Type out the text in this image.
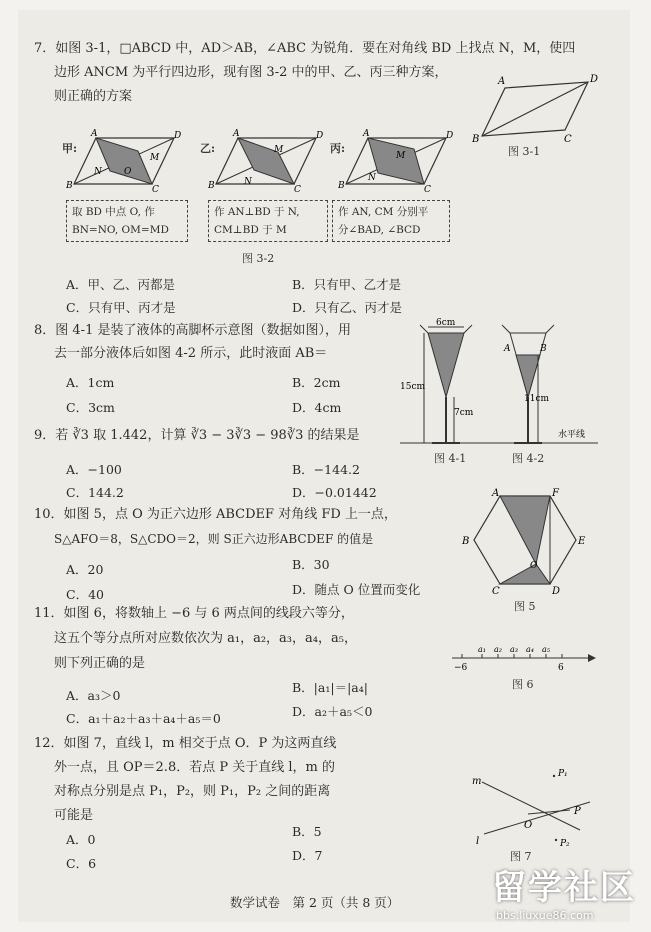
7．如图 3-1，□ABCD 中，AD＞AB，∠ABC 为锐角．要在对角线 BD 上找点 N，M，使四
边形 ANCM 为平行四边形，现有图 3-2 中的甲、乙、丙三种方案，
则正确的方案
A	D
B	C
图 3-1
甲:
A	D
B	C
O
N
M
乙:
A	D
B	C
N
M	丙:
A	D
B	C
N
M
取 BD 中点 O, 作
BN=NO, OM=MD
作 AN⊥BD 于 N,
CM⊥BD 于 M
作 AN, CM 分别平
分∠BAD, ∠BCD
图 3-2
A．甲、乙、丙都是	B．只有甲、乙才是
C．只有甲、丙才是	D．只有乙、丙才是
8．图 4-1 是装了液体的高脚杯示意图（数据如图），用
去一部分液体后如图 4-2 所示，此时液面 AB＝
A．1cm	B．2cm
C．3cm	D．4cm
6cm
15cm
7cm
A	B
11cm
水平线
图 4-1	图 4-2
9．若 ∛3 取 1.442，计算 ∛3 − 3∛3 − 98∛3 的结果是
A．−100	B．−144.2
C．144.2	D．−0.01442
10．如图 5，点 O 为正六边形 ABCDEF 对角线 FD 上一点，
S△AFO＝8，S△CDO＝2，则 S正六边形ABCDEF 的值是
A．20	B．30
C．40	D．随点 O 位置而变化
A	F
E
D
C
B
O
图 5
11．如图 6，将数轴上 −6 与 6 两点间的线段六等分，
这五个等分点所对应数依次为 a₁，a₂，a₃，a₄，a₅，
则下列正确的是
A．a₃＞0
B．|a₁|＝|a₄|
C．a₁＋a₂＋a₃＋a₄＋a₅＝0	D．a₂＋a₅＜0
a₁ a₂ a₃ a₄ a₅
−6	6
图 6
12．如图 7，直线 l，m 相交于点 O．P 为这两直线
外一点，且 OP＝2.8．若点 P 关于直线 l，m 的
对称点分别是点 P₁，P₂，则 P₁，P₂ 之间的距离
可能是
A．0
B．5
C．6
D．7
m
l
O
P
P₁
P₂
图 7
数学试卷　第 2 页（共 8 页）	留学社区
bbs.liuxue86.com
